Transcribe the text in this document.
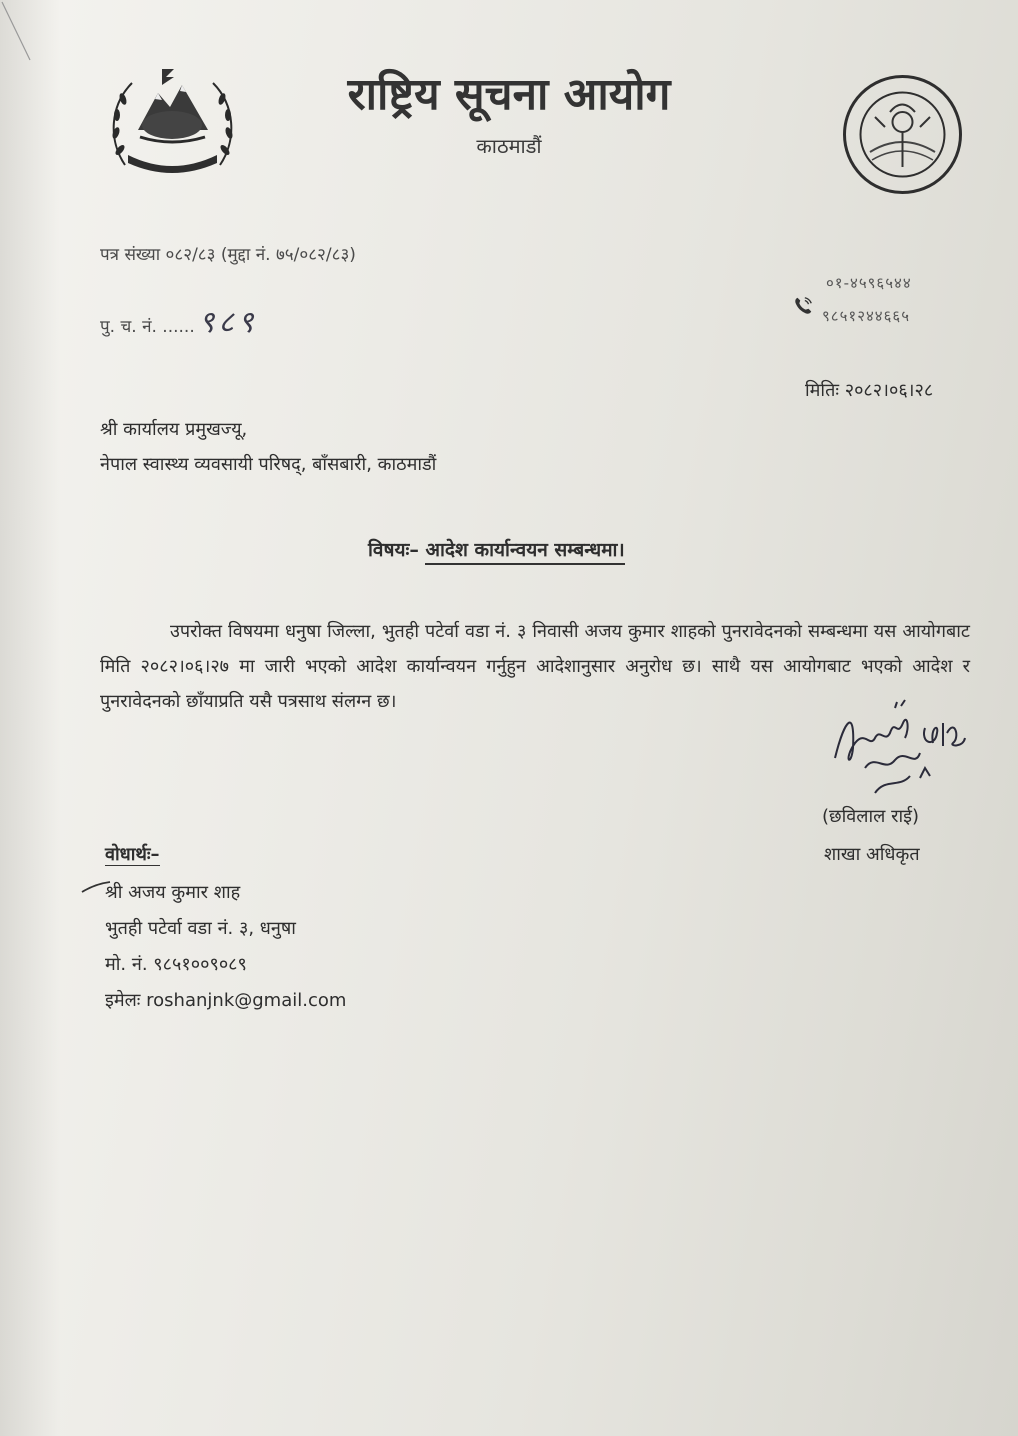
राष्ट्रिय सूचना आयोग
काठमाडौं
पत्र संख्या ०८२/८३ (मुद्दा नं. ७५/०८२/८३)
पु. च. नं. ...... ९८९
०१-४५९६५४४
९८५१२४४६६५
मितिः २०८२।०६।२८
श्री कार्यालय प्रमुखज्यू,
नेपाल स्वास्थ्य व्यवसायी परिषद्, बाँसबारी, काठमाडौं
विषयः– आदेश कार्यान्वयन सम्बन्धमा।
उपरोक्त विषयमा धनुषा जिल्ला, भुतही पटेर्वा वडा नं. ३ निवासी अजय कुमार शाहको पुनरावेदनको सम्बन्धमा यस आयोगबाट मिति २०८२।०६।२७ मा जारी भएको आदेश कार्यान्वयन गर्नुहुन आदेशानुसार अनुरोध छ। साथै यस आयोगबाट भएको आदेश र पुनरावेदनको छाँयाप्रति यसै पत्रसाथ संलग्न छ।
(छविलाल राई)
शाखा अधिकृत
वोधार्थः–
श्री अजय कुमार शाह
भुतही पटेर्वा वडा नं. ३, धनुषा
मो. नं. ९८५१००९०८९
इमेलः roshanjnk@gmail.com
